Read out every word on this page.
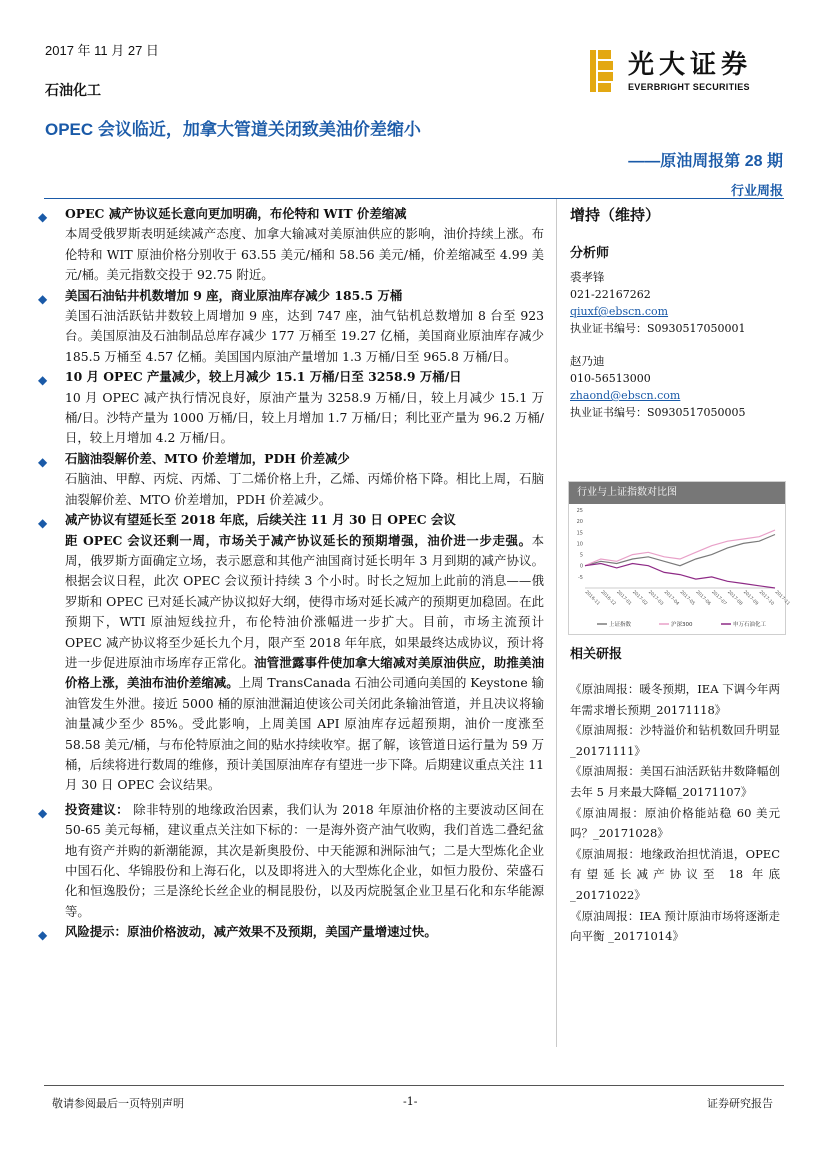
2017 年 11 月 27 日
石油化工
光大证券
EVERBRIGHT SECURITIES
OPEC 会议临近，加拿大管道关闭致美油价差缩小
——原油周报第 28 期
行业周报
◆ OPEC 减产协议延长意向更加明确，布伦特和 WIT 价差缩减
本周受俄罗斯表明延续减产态度、加拿大输减对美原油供应的影响，油价持续上涨。布伦特和 WIT 原油价格分别收于 63.55 美元/桶和 58.56 美元/桶，价差缩减至 4.99 美元/桶。美元指数交投于 92.75 附近。
◆ 美国石油钻井机数增加 9 座，商业原油库存减少 185.5 万桶
美国石油活跃钻井数较上周增加 9 座，达到 747 座，油气钻机总数增加 8 台至 923 台。美国原油及石油制品总库存减少 177 万桶至 19.27 亿桶，美国商业原油库存减少 185.5 万桶至 4.57 亿桶。美国国内原油产量增加 1.3 万桶/日至 965.8 万桶/日。
◆ 10 月 OPEC 产量减少，较上月减少 15.1 万桶/日至 3258.9 万桶/日
10 月 OPEC 减产执行情况良好，原油产量为 3258.9 万桶/日，较上月减少 15.1 万桶/日。沙特产量为 1000 万桶/日，较上月增加 1.7 万桶/日；利比亚产量为 96.2 万桶/日，较上月增加 4.2 万桶/日。
◆ 石脑油裂解价差、MTO 价差增加，PDH 价差减少
石脑油、甲醇、丙烷、丙烯、丁二烯价格上升，乙烯、丙烯价格下降。相比上周，石脑油裂解价差、MTO 价差增加，PDH 价差减少。
◆ 减产协议有望延长至 2018 年底，后续关注 11 月 30 日 OPEC 会议
距 OPEC 会议还剩一周，市场关于减产协议延长的预期增强，油价进一步走强。本周，俄罗斯方面确定立场，表示愿意和其他产油国商讨延长明年 3 月到期的减产协议。根据会议日程，此次 OPEC 会议预计持续 3 个小时。时长之短加上此前的消息——俄罗斯和 OPEC 已对延长减产协议拟好大纲，使得市场对延长减产的预期更加稳固。在此预期下，WTI 原油短线拉升，布伦特油价涨幅进一步扩大。目前，市场主流预计 OPEC 减产协议将至少延长九个月，限产至 2018 年年底，如果最终达成协议，预计将进一步促进原油市场库存正常化。油管泄露事件使加拿大缩减对美原油供应，助推美油价格上涨，美油布油价差缩减。上周 TransCanada 石油公司通向美国的 Keystone 输油管发生外泄。接近 5000 桶的原油泄漏迫使该公司关闭此条输油管道，并且决议将输油量减少至少 85%。受此影响，上周美国 API 原油库存远超预期，油价一度涨至 58.58 美元/桶，与布伦特原油之间的贴水持续收窄。据了解，该管道日运行量为 59 万桶，后续将进行数周的维修，预计美国原油库存有望进一步下降。后期建议重点关注 11 月 30 日 OPEC 会议结果。
◆ 投资建议： 除非特别的地缘政治因素，我们认为 2018 年原油价格的主要波动区间在 50-65 美元每桶，建议重点关注如下标的：一是海外资产油气收购，我们首选二叠纪盆地有资产并购的新潮能源，其次是新奥股份、中天能源和洲际油气；二是大型炼化企业中国石化、华锦股份和上海石化，以及即将进入的大型炼化企业，如恒力股份、荣盛石化和恒逸股份；三是涤纶长丝企业的桐昆股份，以及丙烷脱氢企业卫星石化和东华能源等。
◆ 风险提示：原油价格波动，减产效果不及预期，美国产量增速过快。
增持（维持）
分析师
裘孝锋
021-22167262
qiuxf@ebscn.com
执业证书编号：S0930517050001
赵乃迪
010-56513000
zhaond@ebscn.com
执业证书编号：S0930517050005
行业与上证指数对比图
-5
0
5
10
15
20
25
2016-11
2016-12
2017-01
2017-02
2017-03
2017-04
2017-05
2017-06
2017-07
2017-08
2017-09
2017-10
2017-11
上证指数	沪深300	申万石油化工
相关研报
《原油周报：暖冬预期，IEA 下调今年两年需求增长预期_20171118》
《原油周报：沙特溢价和钻机数回升明显_20171111》
《原油周报：美国石油活跃钻井数降幅创去年 5 月来最大降幅_20171107》
《原油周报：原油价格能站稳 60 美元吗？_20171028》
《原油周报：地缘政治担忧消退，OPEC 有望延长减产协议至 18 年底_20171022》
《原油周报：IEA 预计原油市场将逐渐走向平衡 _20171014》
敬请参阅最后一页特别声明	-1-	证券研究报告
